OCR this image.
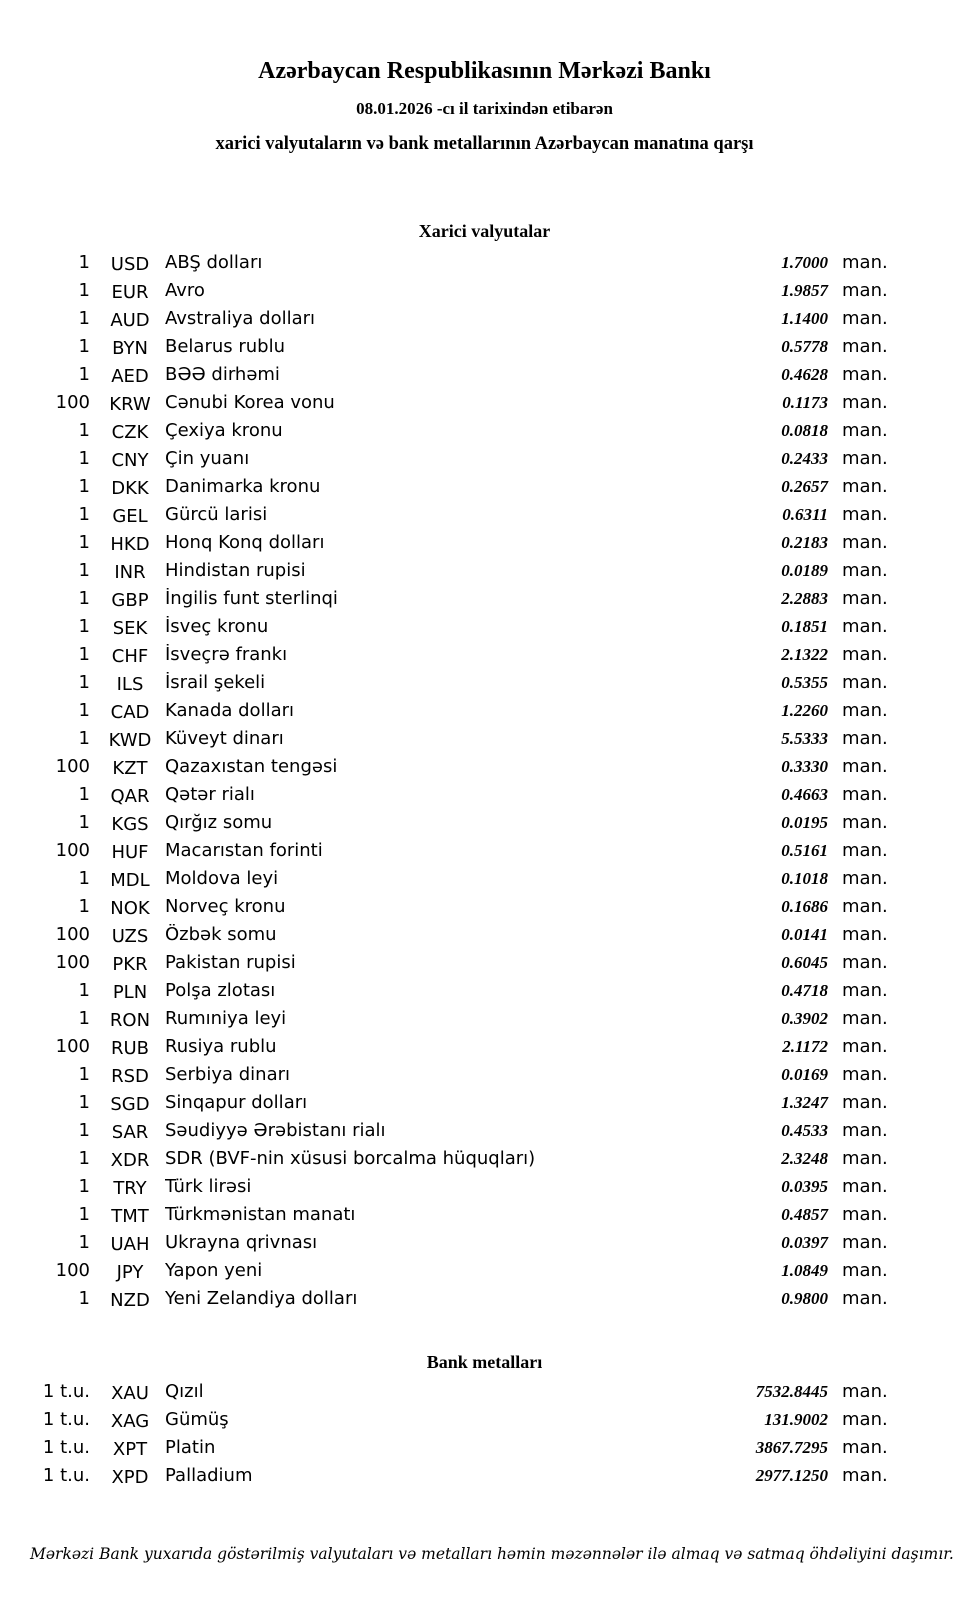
Azərbaycan Respublikasının Mərkəzi Bankı
08.01.2026 -cı il tarixindən etibarən
xarici valyutaların və bank metallarının Azərbaycan manatına qarşı
Xarici valyutalar
1	USD ABŞ dolları	1.7000 man.
1	EUR Avro	1.9857 man.
1	AUD Avstraliya dolları	1.1400 man.
1	BYN Belarus rublu	0.5778 man.
1	AED BƏƏ dirhəmi	0.4628 man.
100	KRW Cənubi Korea vonu	0.1173 man.
1	CZK Çexiya kronu	0.0818 man.
1	CNY Çin yuanı	0.2433 man.
1	DKK Danimarka kronu	0.2657 man.
1	GEL Gürcü larisi	0.6311 man.
1	HKD Honq Konq dolları	0.2183 man.
1	INR	Hindistan rupisi	0.0189 man.
1	GBP İngilis funt sterlinqi	2.2883 man.
1	SEK İsveç kronu	0.1851 man.
1	CHF İsveçrə frankı	2.1322 man.
1	ILS	İsrail şekeli	0.5355 man.
1	CAD Kanada dolları	1.2260 man.
1	KWD Küveyt dinarı	5.5333 man.
100	KZT Qazaxıstan tengəsi	0.3330 man.
1	QAR Qətər rialı	0.4663 man.
1	KGS Qırğız somu	0.0195 man.
100	HUF Macarıstan forinti	0.5161 man.
1	MDL Moldova leyi	0.1018 man.
1	NOK Norveç kronu	0.1686 man.
100	UZS Özbək somu	0.0141 man.
100	PKR Pakistan rupisi	0.6045 man.
1	PLN Polşa zlotası	0.4718 man.
1	RON Rumıniya leyi	0.3902 man.
100	RUB Rusiya rublu	2.1172 man.
1	RSD Serbiya dinarı	0.0169 man.
1	SGD Sinqapur dolları	1.3247 man.
1	SAR Səudiyyə Ərəbistanı rialı	0.4533 man.
1	XDR SDR (BVF-nin xüsusi borcalma hüquqları)	2.3248 man.
1	TRY	Türk lirəsi	0.0395 man.
1	TMT Türkmənistan manatı	0.4857 man.
1	UAH Ukrayna qrivnası	0.0397 man.
100	JPY	Yapon yeni	1.0849 man.
1	NZD Yeni Zelandiya dolları	0.9800 man.
Bank metalları
1 t.u.	XAU Qızıl	7532.8445 man.
1 t.u.	XAG Gümüş	131.9002 man.
1 t.u.	XPT Platin	3867.7295 man.
1 t.u.	XPD Palladium	2977.1250 man.
Mərkəzi Bank yuxarıda göstərilmiş valyutaları və metalları həmin məzənnələr ilə almaq və satmaq öhdəliyini daşımır.
